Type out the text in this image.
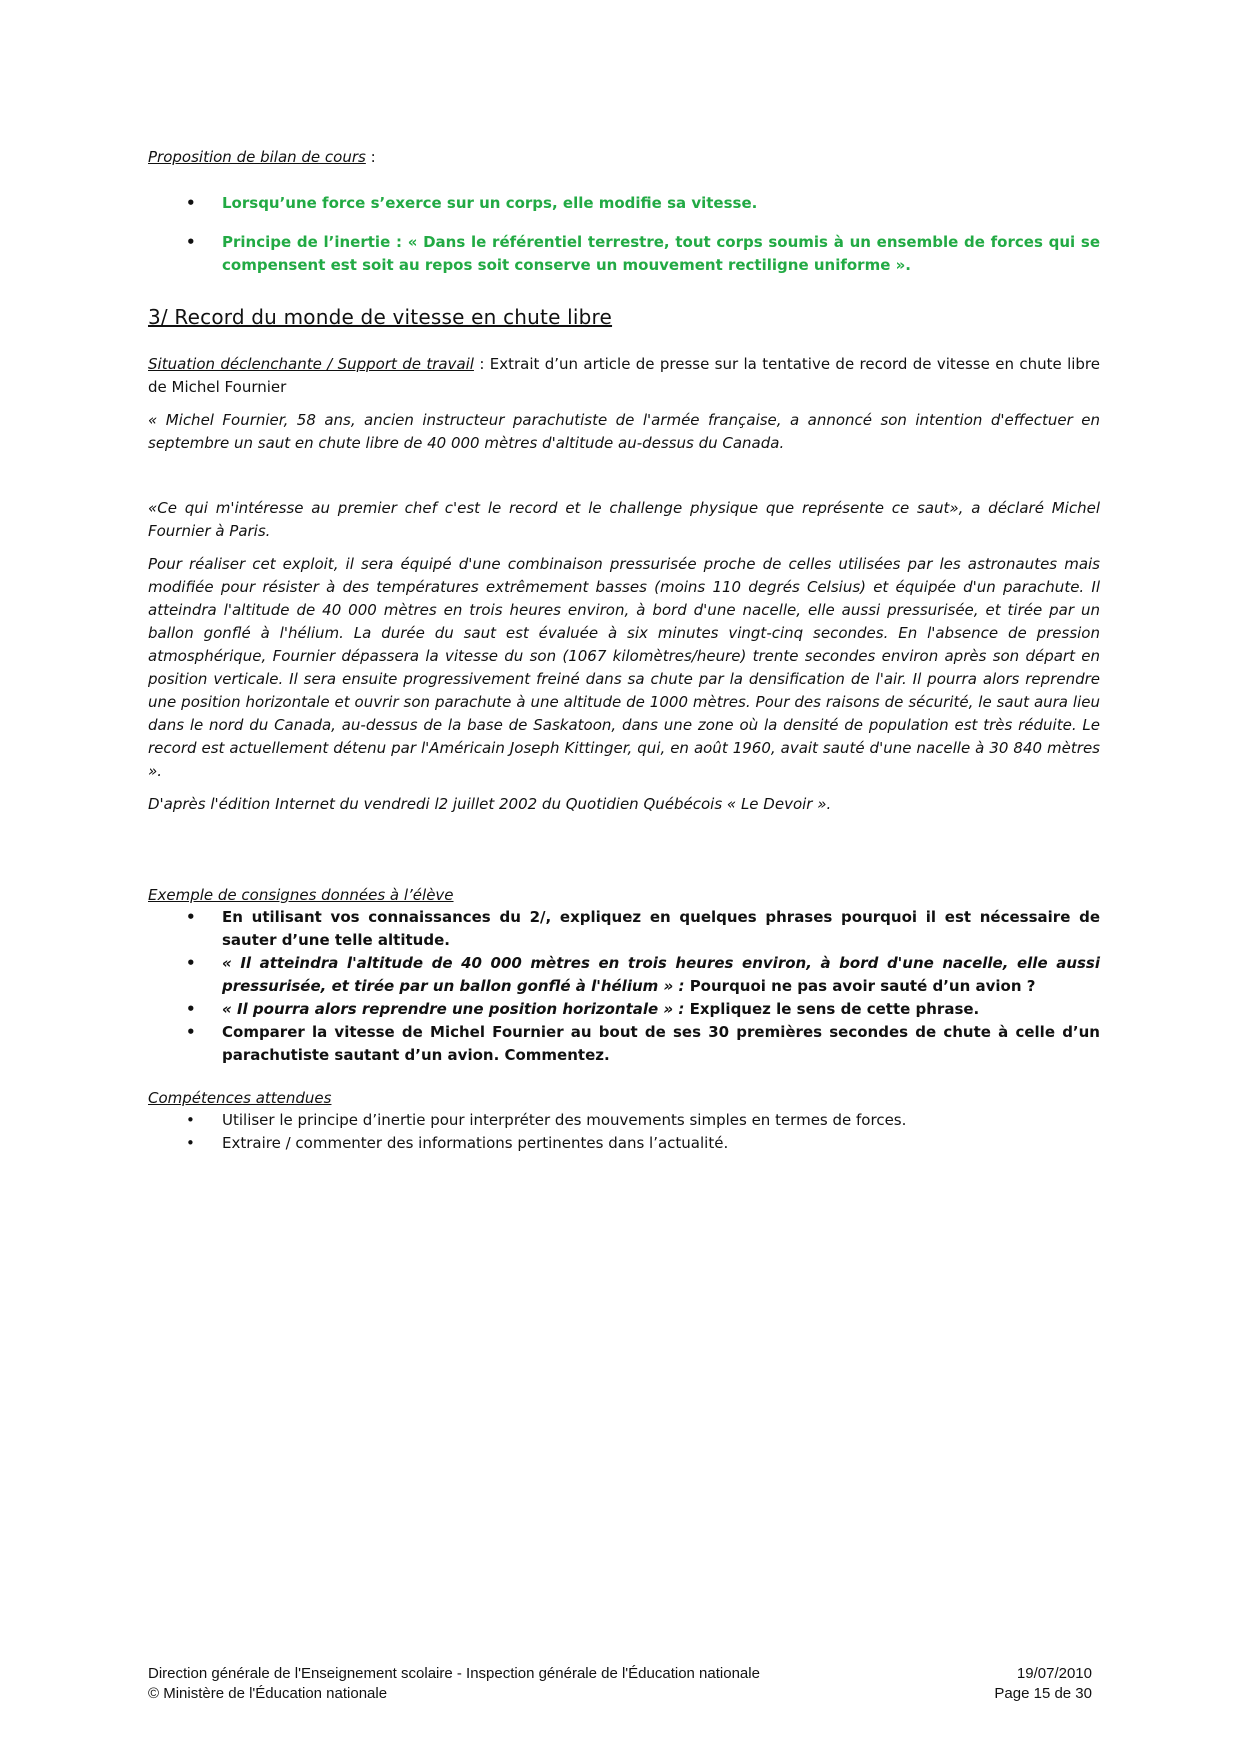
Proposition de bilan de cours :

• Lorsqu’une force s’exerce sur un corps, elle modifie sa vitesse.
• Principe de l’inertie : « Dans le référentiel terrestre, tout corps soumis à un ensemble de forces qui se compensent est soit au repos soit conserve un mouvement rectiligne uniforme ».
3/ Record du monde de vitesse en chute libre

Situation déclenchante / Support de travail : Extrait d’un article de presse sur la tentative de record de vitesse en chute libre de Michel Fournier

« Michel Fournier, 58 ans, ancien instructeur parachutiste de l'armée française, a annoncé son intention d'effectuer en septembre un saut en chute libre de 40 000 mètres d'altitude au-dessus du Canada.

«Ce qui m'intéresse au premier chef c'est le record et le challenge physique que représente ce saut», a déclaré Michel Fournier à Paris.

Pour réaliser cet exploit, il sera équipé d'une combinaison pressurisée proche de celles utilisées par les astronautes mais modifiée pour résister à des températures extrêmement basses (moins 110 degrés Celsius) et équipée d'un parachute. Il atteindra l'altitude de 40 000 mètres en trois heures environ, à bord d'une nacelle, elle aussi pressurisée, et tirée par un ballon gonflé à l'hélium. La durée du saut est évaluée à six minutes vingt-cinq secondes. En l'absence de pression atmosphérique, Fournier dépassera la vitesse du son (1067 kilomètres/heure) trente secondes environ après son départ en position verticale. Il sera ensuite progressivement freiné dans sa chute par la densification de l'air. Il pourra alors reprendre une position horizontale et ouvrir son parachute à une altitude de 1000 mètres. Pour des raisons de sécurité, le saut aura lieu dans le nord du Canada, au-dessus de la base de Saskatoon, dans une zone où la densité de population est très réduite. Le record est actuellement détenu par l'Américain Joseph Kittinger, qui, en août 1960, avait sauté d'une nacelle à 30 840 mètres ».

D'après l'édition Internet du vendredi l2 juillet 2002 du Quotidien Québécois « Le Devoir ».

Exemple de consignes données à l’élève

• En utilisant vos connaissances du 2/, expliquez en quelques phrases pourquoi il est nécessaire de sauter d’une telle altitude.
• « Il atteindra l'altitude de 40 000 mètres en trois heures environ, à bord d'une nacelle, elle aussi pressurisée, et tirée par un ballon gonflé à l'hélium » : Pourquoi ne pas avoir sauté d’un avion ?
• « Il pourra alors reprendre une position horizontale » : Expliquez le sens de cette phrase.
• Comparer la vitesse de Michel Fournier au bout de ses 30 premières secondes de chute à celle d’un parachutiste sautant d’un avion. Commentez.

Compétences attendues

• Utiliser le principe d’inertie pour interpréter des mouvements simples en termes de forces.
• Extraire / commenter des informations pertinentes dans l’actualité.
Direction générale de l'Enseignement scolaire - Inspection générale de l'Éducation nationale
© Ministère de l'Éducation nationale
19/07/2010
Page 15 de 30
